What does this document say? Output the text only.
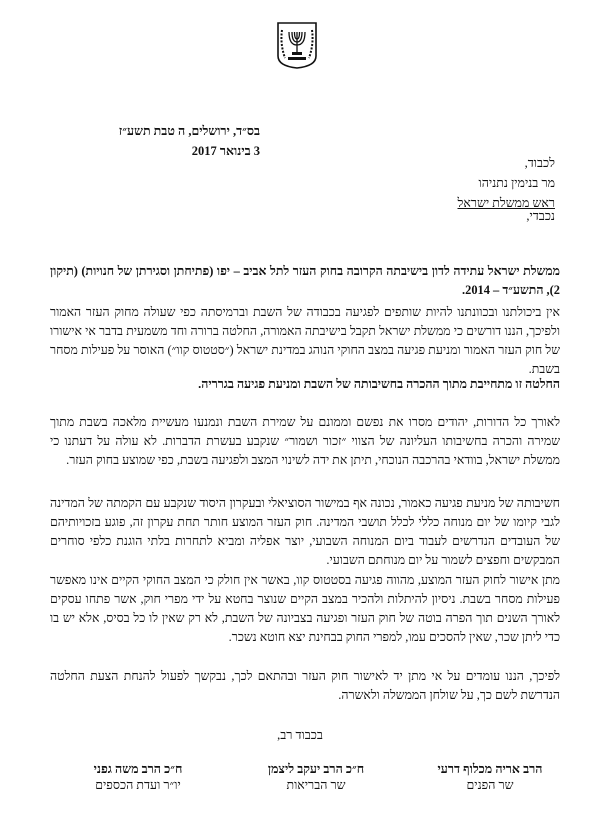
בס״ד, ירושלים, ה טבת תשע״ז
3 בינואר 2017
לכבוד,
מר בנימין נתניהו
ראש ממשלת ישראל
נכבדי,

ממשלת ישראל עתידה לדון בישיבתה הקרובה בחוק העזר לתל אביב – יפו (פתיחתן וסגירתן של חנויות) (תיקון 2), התשע״ד – 2014.

אין ביכולתנו ובכוונתנו להיות שותפים לפגיעה בכבודה של השבת וברמיסתה כפי שעולה מחוק העזר האמור ולפיכך, הננו דורשים כי ממשלת ישראל תקבל בישיבתה האמורה, החלטה ברורה וחד משמעית בדבר אי אישורו של חוק העזר האמור ומניעת פגיעה במצב החוקי הנוהג במדינת ישראל (״סטטוס קוו״) האוסר על פעילות מסחר בשבת.

החלטה זו מתחייבת מתוך ההכרה בחשיבותה של השבת ומניעת פגיעה בגרריה.

לאורך כל הדורות, יהודים מסרו את נפשם וממונם על שמירת השבת ונמנעו מעשיית מלאכה בשבת מתוך שמירה והכרה בחשיבותו העליונה של הצווי ״זכור ושמור״ שנקבע בעשרת הדברות. לא עולה על דעתנו כי ממשלת ישראל, בוודאי בהרכבה הנוכחי, תיתן את ידה לשינוי המצב ולפגיעה בשבת, כפי שמוצע בחוק העזר.

חשיבותה של מניעת פגיעה כאמור, נכונה אף במישור הסוציאלי ובעקרון היסוד שנקבע עם הקמתה של המדינה לגבי קיומו של יום מנוחה כללי לכלל תושבי המדינה. חוק העזר המוצע חותר תחת עקרון זה, פוגע בזכויותיהם של העובדים הנדרשים לעבוד ביום המנוחה השבועי, יוצר אפליה ומביא לתחרות בלתי הוגנת כלפי סוחרים המבקשים וחפצים לשמור על יום מנוחתם השבועי.

מתן אישור לחוק העזר המוצע, מהווה פגיעה בסטטוס קוו, באשר אין חולק כי המצב החוקי הקיים אינו מאפשר פעילות מסחר בשבת. ניסיון להיתלות ולהכיר במצב הקיים שנוצר בחטא על ידי מפרי חוק, אשר פתחו עסקים לאורך השנים תוך הפרה בוטה של חוק העזר ופגיעה בצביונה של השבת, לא רק שאין לו כל בסיס, אלא יש בו כדי ליתן שכר, שאין להסכים עמו, למפרי החוק בבחינת יצא חוטא נשכר.

לפיכך, הננו עומדים על אי מתן יד לאישור חוק העזר ובהתאם לכך, נבקשך לפעול להנחת הצעת החלטה הנדרשת לשם כך, על שולחן הממשלה ולאשרה.

בכבוד רב,
הרב אריה מכלוף דרעי
שר הפנים
ח״כ הרב יעקב ליצמן
שר הבריאות
ח״כ הרב משה גפני
יו״ר ועדת הכספים
